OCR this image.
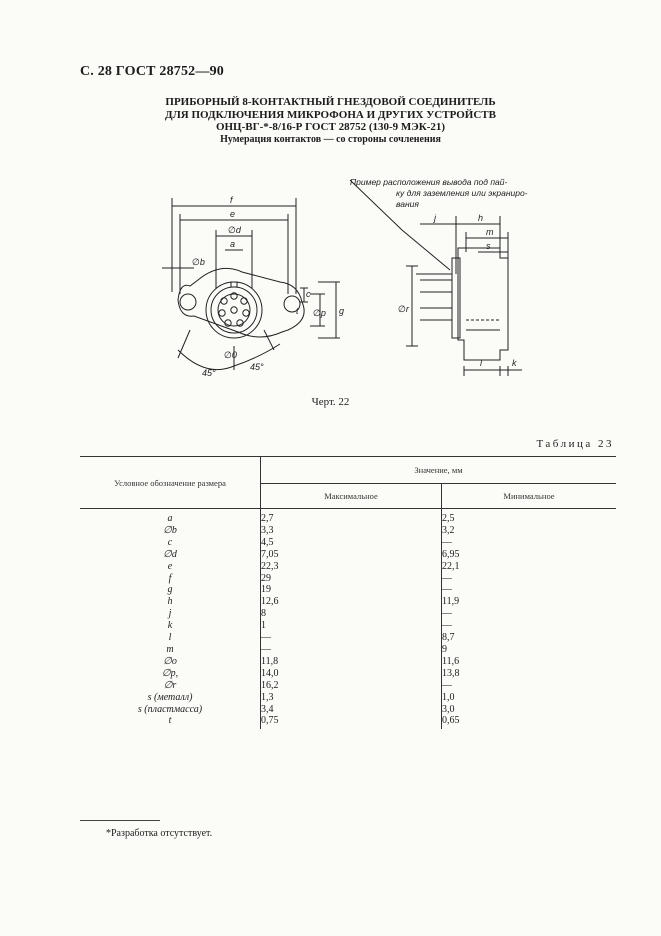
С. 28 ГОСТ 28752—90
ПРИБОРНЫЙ 8-КОНТАКТНЫЙ ГНЕЗДОВОЙ СОЕДИНИТЕЛЬ
ДЛЯ ПОДКЛЮЧЕНИЯ МИКРОФОНА И ДРУГИХ УСТРОЙСТВ
ОНЦ-ВГ-*-8/16-Р ГОСТ 28752 (130-9 МЭК-21)
Нумерация контактов — со стороны сочленения
f
e
∅d
a
∅b
c
t ∅p g
∅0
45°
45°
Пример расположения вывода под пай-
ку для заземления или экраниро-
вания
j	h
m
s
∅r
l	k
Черт. 22
Таблица 23
Условное обозначение размера	Значение, мм	
	Максимальное	Минимальное
a	2,7	2,5
∅b	3,3	3,2
c	4,5	—
∅d	7,05	6,95
e	22,3	22,1
f	29	—
g	19	—
h	12,6	11,9
j	8	—
k	1	—
l	—	8,7
m	—	9
∅o	11,8	11,6
∅p,	14,0	13,8
∅r	16,2	—
s (металл)	1,3	1,0
s (пластмасса)	3,4	3,0
t	0,75	0,65
*Разработка отсутствует.
